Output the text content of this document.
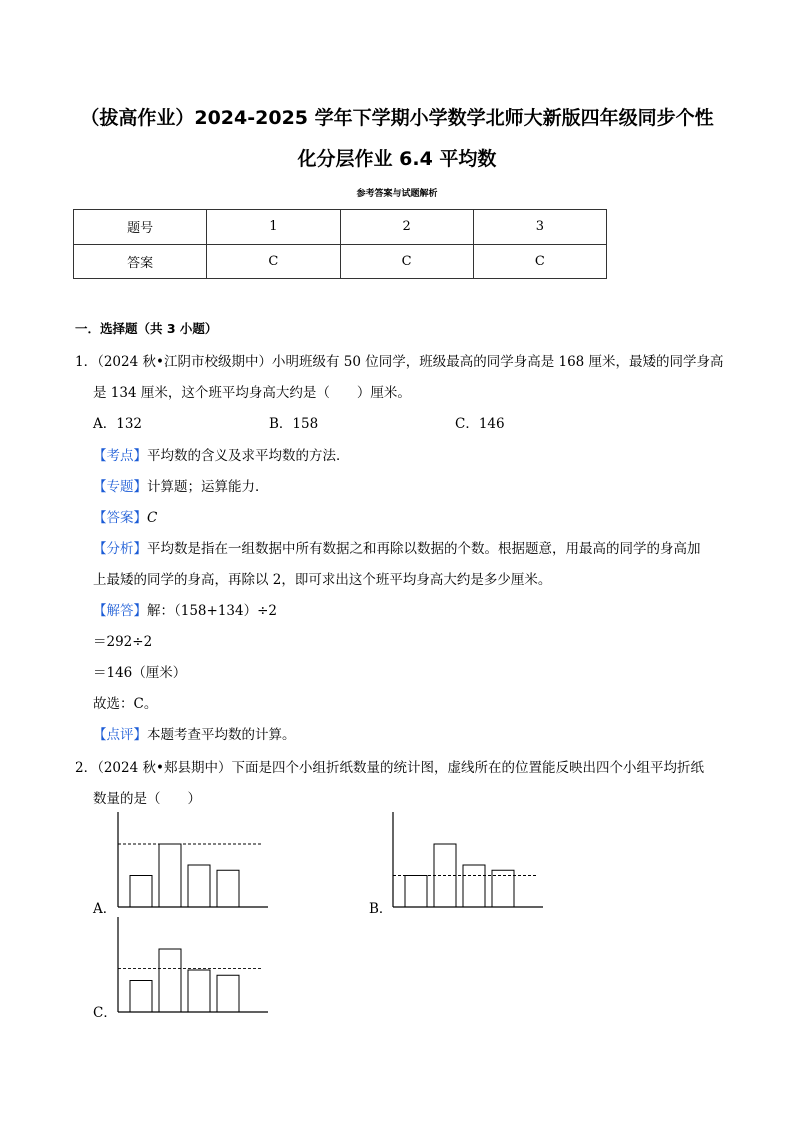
（拔高作业）2024-2025 学年下学期小学数学北师大新版四年级同步个性
化分层作业 6.4 平均数
参考答案与试题解析
题号	1	2	3
答案	C	C	C
一．选择题（共 3 小题）
1．（2024 秋•江阴市校级期中）小明班级有 50 位同学，班级最高的同学身高是 168 厘米，最矮的同学身高
是 134 厘米，这个班平均身高大约是（　　）厘米。
A．132	B．158	C．146
【考点】平均数的含义及求平均数的方法．
【专题】计算题；运算能力．
【答案】C
【分析】平均数是指在一组数据中所有数据之和再除以数据的个数。根据题意，用最高的同学的身高加
上最矮的同学的身高，再除以 2，即可求出这个班平均身高大约是多少厘米。
【解答】解：（158+134）÷2
＝292÷2
＝146（厘米）
故选：C。
【点评】本题考查平均数的计算。
2．（2024 秋•郏县期中）下面是四个小组折纸数量的统计图，虚线所在的位置能反映出四个小组平均折纸
数量的是（　　）
A．	B．
C．
